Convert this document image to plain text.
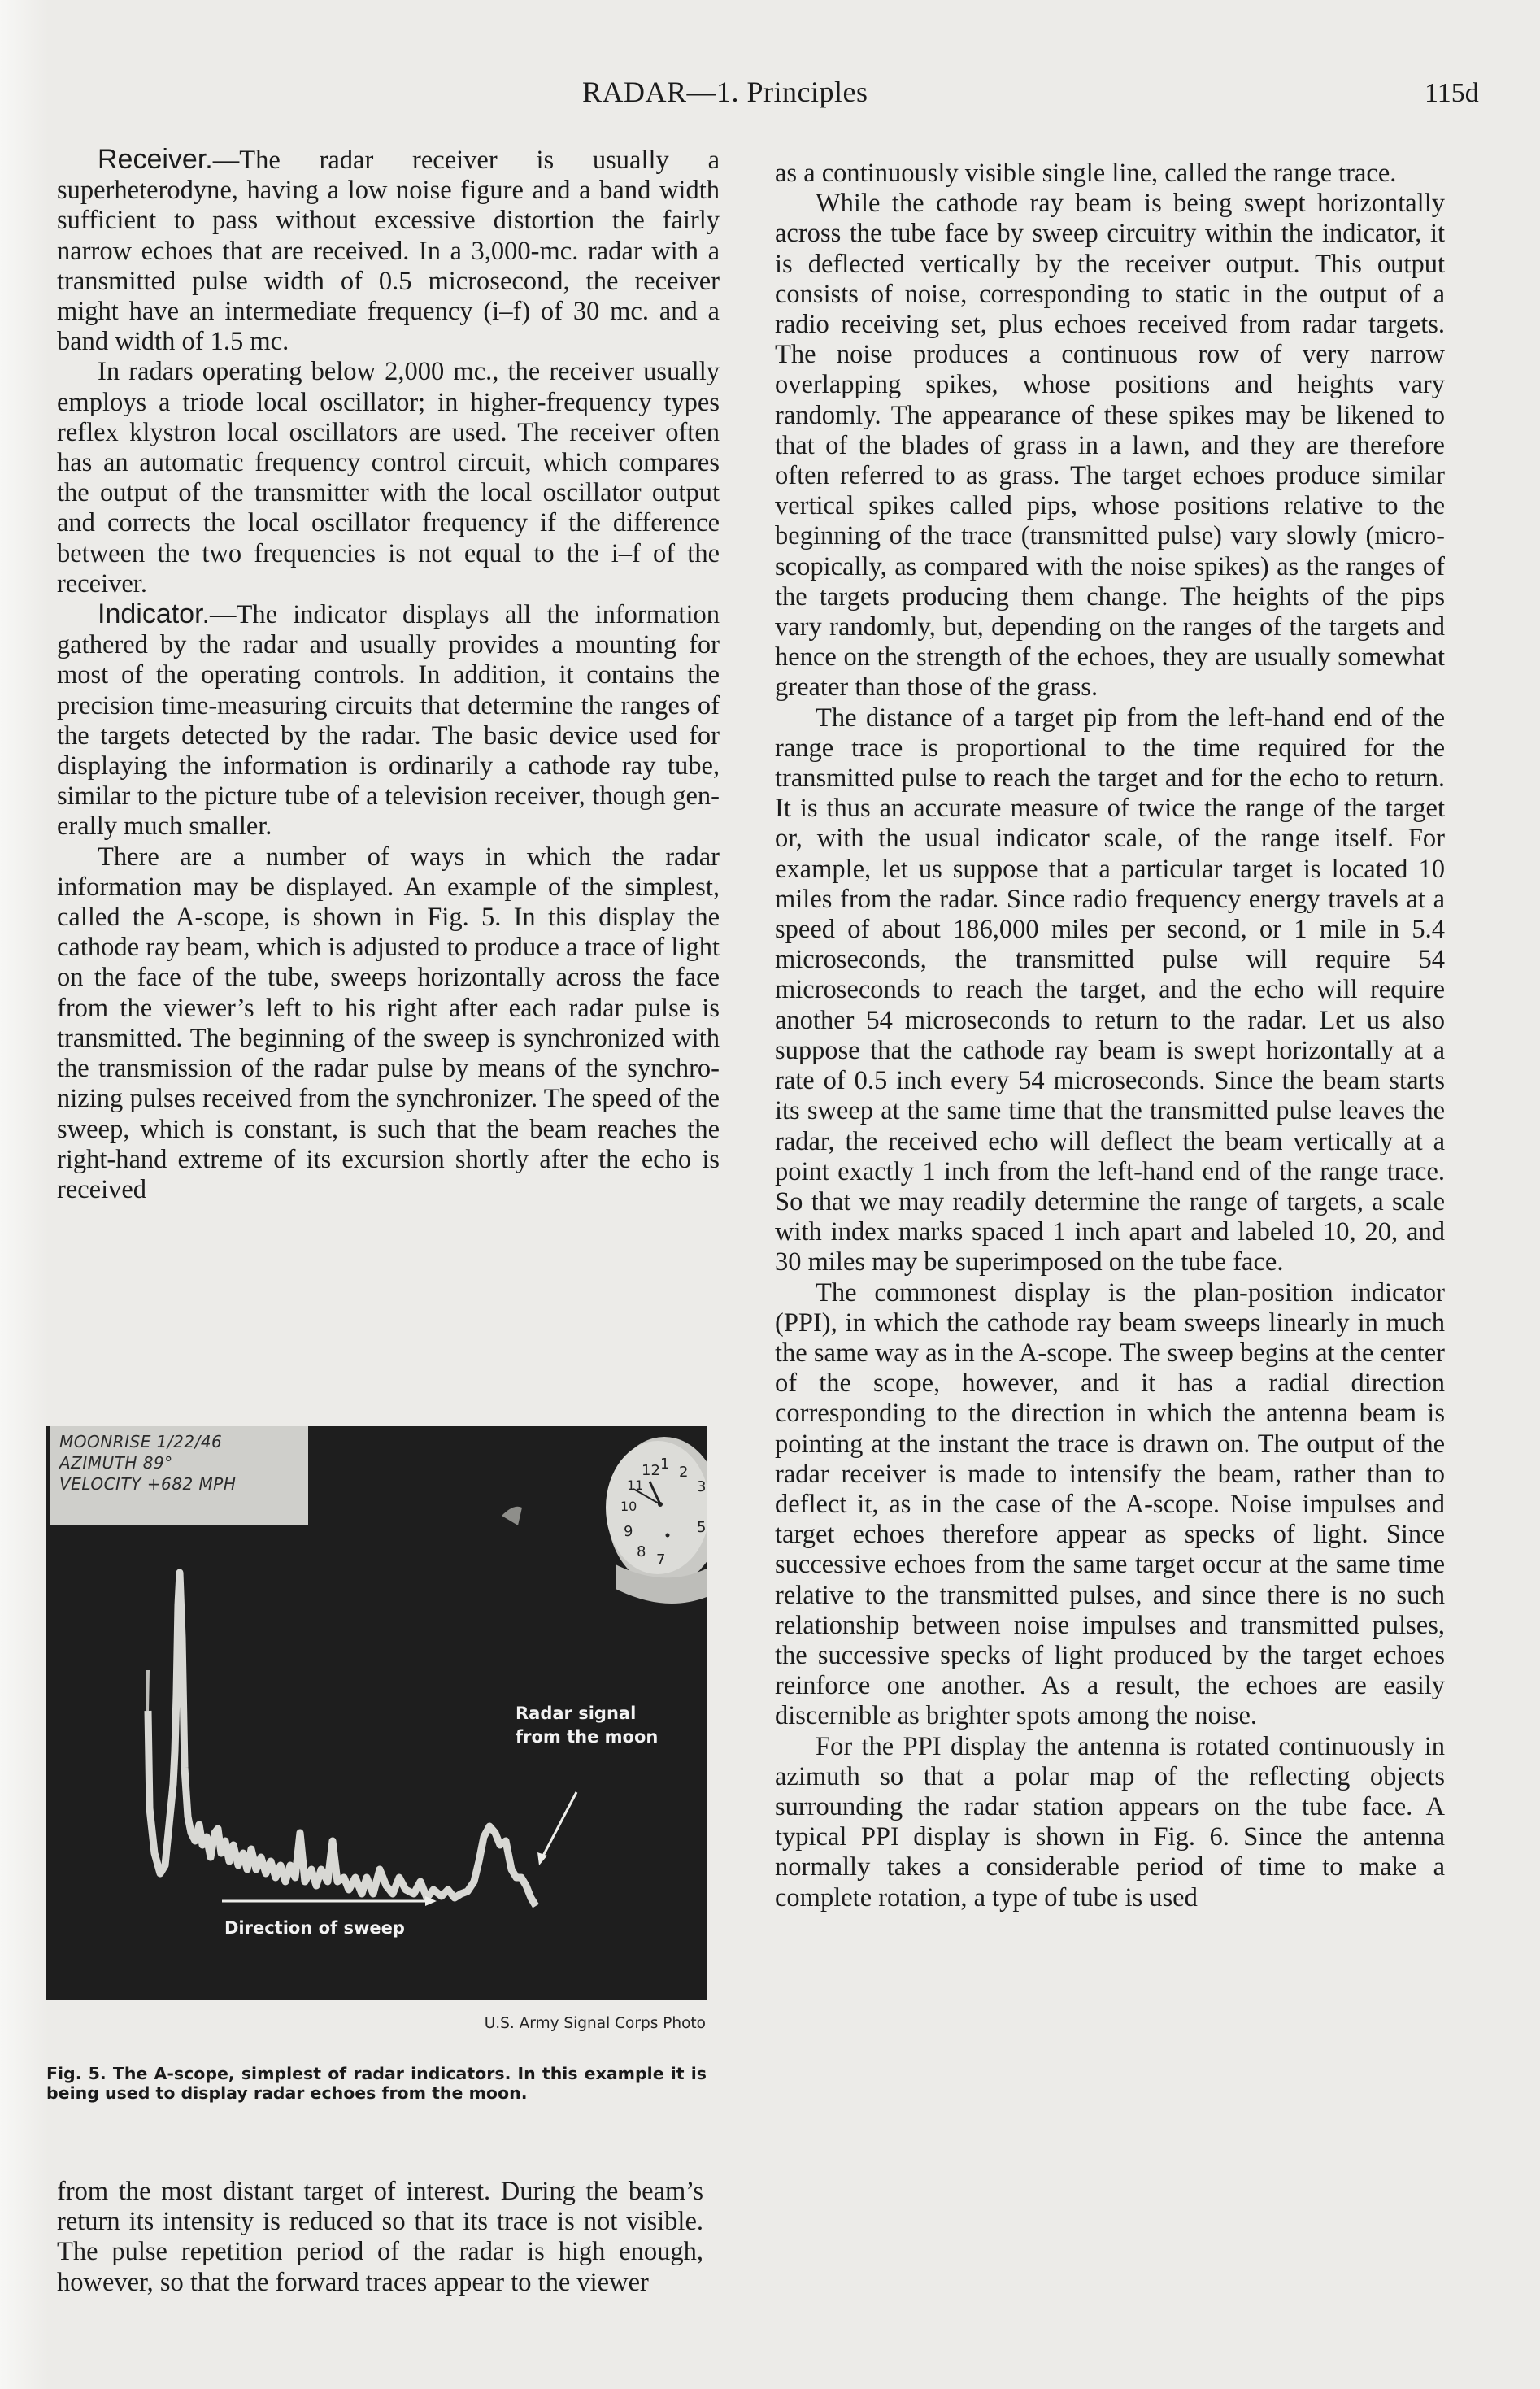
RADAR—1. Principles	115d

Receiver.—The radar receiver is usually a superheterodyne, having a low noise figure and a band width sufficient to pass without excessive distortion the fairly narrow echoes that are received. In a 3,000-mc. radar with a transmitted pulse width of 0.5 microsecond, the receiver might have an intermediate frequency (i–f) of 30 mc. and a band width of 1.5 mc.

In radars operating below 2,000 mc., the receiver usually employs a triode local oscillator; in higher-frequency types reflex klystron local oscillators are used. The receiver often has an automatic frequency control circuit, which compares the output of the transmitter with the local oscillator output and corrects the local oscillator frequency if the difference between the two frequencies is not equal to the i–f of the receiver.

Indicator.—The indicator displays all the information gathered by the radar and usually provides a mounting for most of the operating controls. In addition, it contains the precision time-measuring circuits that determine the ranges of the targets detected by the radar. The basic device used for displaying the information is ordinarily a cathode ray tube, similar to the picture tube of a television receiver, though generally much smaller.

There are a number of ways in which the radar information may be displayed. An example of the simplest, called the A-scope, is shown in Fig. 5. In this display the cathode ray beam, which is adjusted to produce a trace of light on the face of the tube, sweeps horizontally across the face from the viewer’s left to his right after each radar pulse is transmitted. The beginning of the sweep is synchronized with the transmission of the radar pulse by means of the synchronizing pulses received from the synchronizer. The speed of the sweep, which is constant, is such that the beam reaches the right-hand extreme of its excursion shortly after the echo is received

12 1 2
3
5
7
8
9
10
11
MOONRISE 1/22/46
AZIMUTH 89°
VELOCITY +682 MPH
Radar signal
from the moon
Direction of sweep
U.S. Army Signal Corps Photo
Fig. 5. The A-scope, simplest of radar indicators. In this example it is being used to display radar echoes from the moon.

from the most distant target of interest. During the beam’s return its intensity is reduced so that its trace is not visible. The pulse repetition period of the radar is high enough, however, so that the forward traces appear to the viewer

as a continuously visible single line, called the range trace.

While the cathode ray beam is being swept horizontally across the tube face by sweep circuitry within the indicator, it is deflected vertically by the receiver output. This output consists of noise, corresponding to static in the output of a radio receiving set, plus echoes received from radar targets. The noise produces a continuous row of very narrow overlapping spikes, whose positions and heights vary randomly. The appearance of these spikes may be likened to that of the blades of grass in a lawn, and they are therefore often referred to as grass. The target echoes produce similar vertical spikes called pips, whose positions relative to the beginning of the trace (transmitted pulse) vary slowly (microscopically, as compared with the noise spikes) as the ranges of the targets producing them change. The heights of the pips vary randomly, but, depending on the ranges of the targets and hence on the strength of the echoes, they are usually somewhat greater than those of the grass.

The distance of a target pip from the left-hand end of the range trace is proportional to the time required for the transmitted pulse to reach the target and for the echo to return. It is thus an accurate measure of twice the range of the target or, with the usual indicator scale, of the range itself. For example, let us suppose that a particular target is located 10 miles from the radar. Since radio frequency energy travels at a speed of about 186,000 miles per second, or 1 mile in 5.4 microseconds, the transmitted pulse will require 54 microseconds to reach the target, and the echo will require another 54 microseconds to return to the radar. Let us also suppose that the cathode ray beam is swept horizontally at a rate of 0.5 inch every 54 microseconds. Since the beam starts its sweep at the same time that the transmitted pulse leaves the radar, the received echo will deflect the beam vertically at a point exactly 1 inch from the left-hand end of the range trace. So that we may readily determine the range of targets, a scale with index marks spaced 1 inch apart and labeled 10, 20, and 30 miles may be superimposed on the tube face.

The commonest display is the plan-position indicator (PPI), in which the cathode ray beam sweeps linearly in much the same way as in the A-scope. The sweep begins at the center of the scope, however, and it has a radial direction corresponding to the direction in which the antenna beam is pointing at the instant the trace is drawn on. The output of the radar receiver is made to intensify the beam, rather than to deflect it, as in the case of the A-scope. Noise impulses and target echoes therefore appear as specks of light. Since successive echoes from the same target occur at the same time relative to the transmitted pulses, and since there is no such relationship between noise impulses and transmitted pulses, the successive specks of light produced by the target echoes reinforce one another. As a result, the echoes are easily discernible as brighter spots among the noise.

For the PPI display the antenna is rotated continuously in azimuth so that a polar map of the reflecting objects surrounding the radar station appears on the tube face. A typical PPI display is shown in Fig. 6. Since the antenna normally takes a considerable period of time to make a complete rotation, a type of tube is used
